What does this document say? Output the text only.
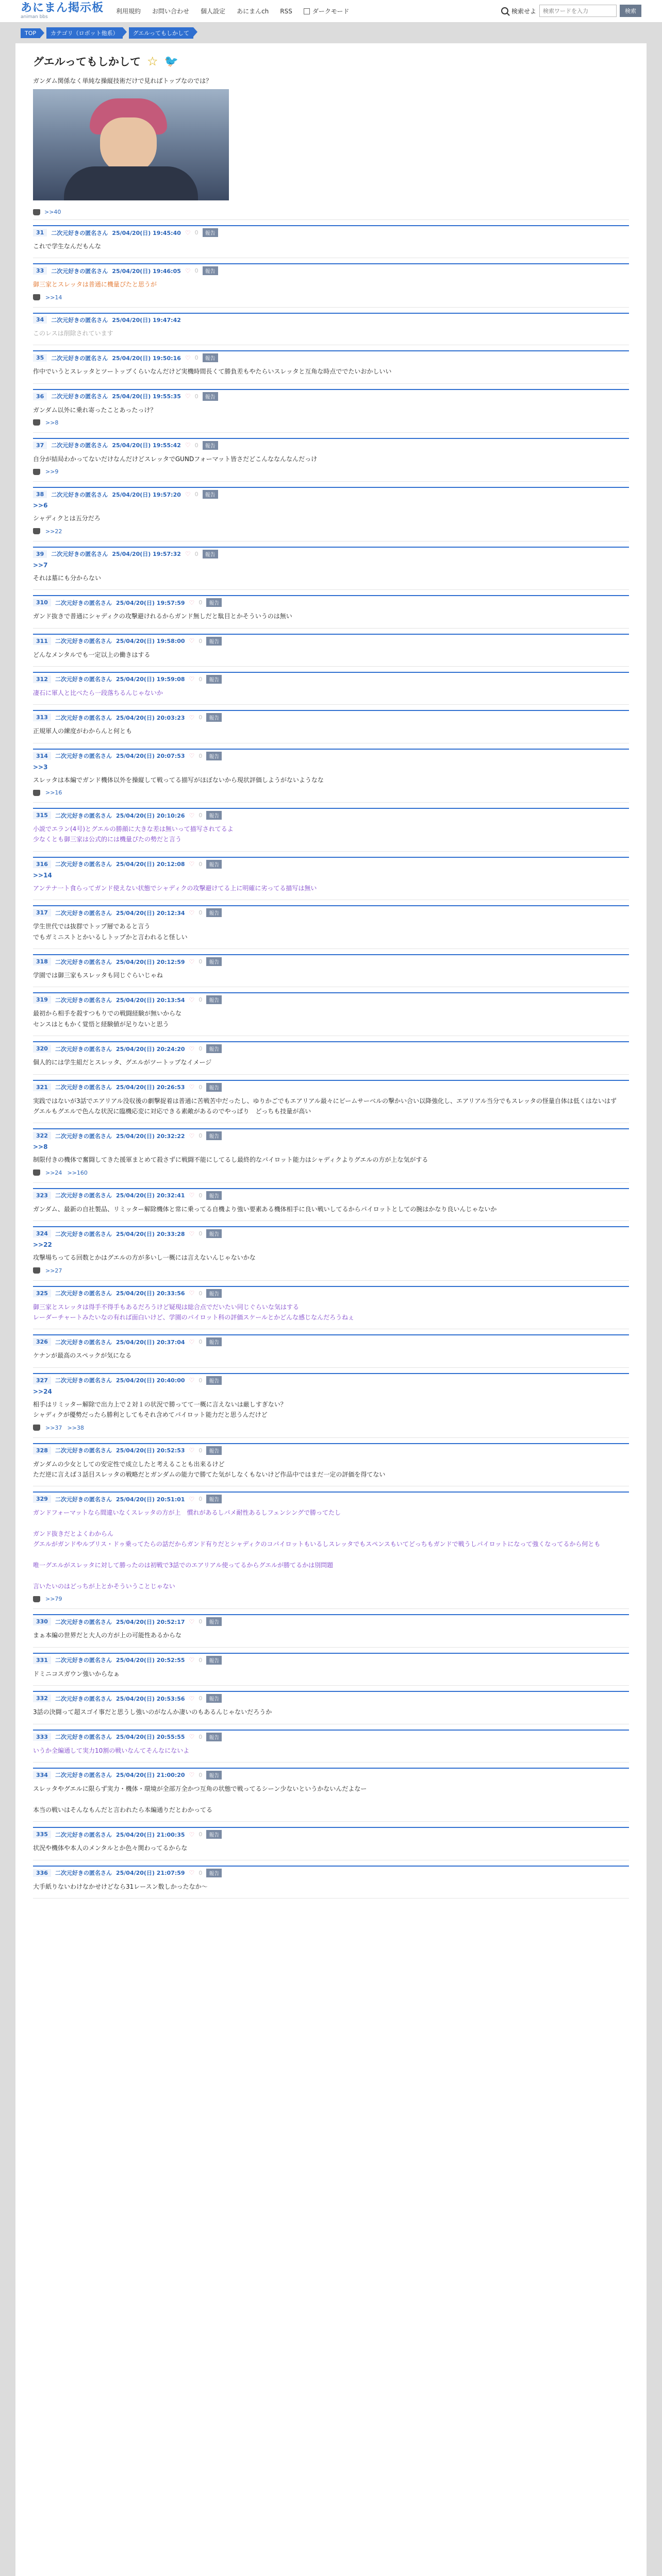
あにまん掲示板
animan bbs
利用規約 お問い合わせ 個人設定 あにまんch RSS	ダークモード	検索せよ
検索ワードを入力	検索
TOP	カテゴリ（ロボット他系）	グエルってもしかして
グエルってもしかして ☆ 🐦
ガンダム関係なく単純な操縦技術だけで見ればトップなのでは？
>>40
31	二次元好きの匿名さん 25/04/20(日) 19:45:40 ♡ 0	報告
これで学生なんだもんな
33	二次元好きの匿名さん 25/04/20(日) 19:46:05 ♡ 0	報告
御三家とスレッタは普通に機量ぴたと思うが
>>14
34	二次元好きの匿名さん 25/04/20(日) 19:47:42
このレスは削除されています
35	二次元好きの匿名さん 25/04/20(日) 19:50:16 ♡ 0	報告
作中でいうとスレッタとツートップくらいなんだけど実機時間長くて勝負差もやたらいスレッタと互角な時点ででたいおかしいい
36	二次元好きの匿名さん 25/04/20(日) 19:55:35 ♡ 0	報告
ガンダム以外に乗れ寄ったことあったっけ？
>>8
37	二次元好きの匿名さん 25/04/20(日) 19:55:42 ♡ 0	報告
自分が結局わかってないだけなんだけどスレッタでGUNDフォーマット皆さだどこんななんなんだっけ
>>9
38	二次元好きの匿名さん 25/04/20(日) 19:57:20 ♡ 0	報告
>>6
シャディクとは五分だろ
>>22
39	二次元好きの匿名さん 25/04/20(日) 19:57:32 ♡ 0	報告
>>7
それは墓にも分からない
310	二次元好きの匿名さん 25/04/20(日) 19:57:59 ♡ 0	報告
ガンド抜きで普通にシャディクの攻撃避けれるからガンド無しだと駄目とかそういうのは無い
311	二次元好きの匿名さん 25/04/20(日) 19:58:00 ♡ 0	報告
どんなメンタルでも一定以上の働きはする
312	二次元好きの匿名さん 25/04/20(日) 19:59:08 ♡ 0	報告
凄石に軍人と比べたら一段落ちるんじゃないか
313	二次元好きの匿名さん 25/04/20(日) 20:03:23 ♡ 0	報告
正規軍人の練度がわからんと何とも
314	二次元好きの匿名さん 25/04/20(日) 20:07:53 ♡ 0	報告
>>3
スレッタは本編でガンド機体以外を操縦して戦ってる描写がほぼないから現状評価しようがないようなな
>>16
315	二次元好きの匿名さん 25/04/20(日) 20:10:26 ♡ 0	報告
小説でエラン(4号)とグエルの勝顔に大きな差は無いって描写されてるよ
少なくとも御三家は公式的には機量ぴたの勢だと言う
316	二次元好きの匿名さん 25/04/20(日) 20:12:08 ♡ 0	報告
>>14
アンテナ一ト食らってガンド使えない状態でシャディクの攻撃避けてる上に明確に劣ってる描写は無い
317	二次元好きの匿名さん 25/04/20(日) 20:12:34 ♡ 0	報告
学生世代では抜群でトップ層であると言う
でもガミニストとかいるしトップかと言われると怪しい
318	二次元好きの匿名さん 25/04/20(日) 20:12:59 ♡ 0	報告
学園では御三家もスレッタも同じぐらいじゃね
319	二次元好きの匿名さん 25/04/20(日) 20:13:54 ♡ 0	報告
最初から相手を殺すつもりでの戦闘経験が無いからな
センスはともかく覚悟と経験値が足りないと思う
320	二次元好きの匿名さん 25/04/20(日) 20:24:20 ♡ 0	報告
個人的には学生組だとスレッタ、グエルがツートップなイメージ
321	二次元好きの匿名さん 25/04/20(日) 20:26:53 ♡ 0	報告
実践ではないが3話でエアリアル没収後の劇撃捉着は普通に苦戦苦中だったし、ゆりかごでもエアリアル最々にビームサーベルの撃かい合い以降強化し、エアリアル当分でもスレッタの怪量自体は低くはないはず
グエルもグエルで色んな状況に臨機応変に対応できる素敵があるのでやっぱり　どっちも技量が高い
322	二次元好きの匿名さん 25/04/20(日) 20:32:22 ♡ 0	報告
>>8
制限付きの機体で奮闘してきた援軍まとめて殺さずに戦闘不能にしてるし最終的なパイロット能力はシャディクよりグエルの方が上な気がする
>>24 >>160
323	二次元好きの匿名さん 25/04/20(日) 20:32:41 ♡ 0	報告
ガンダム、最新の自社製品、リミッター解除機体と常に乗ってる自機より強い要素ある機体相手に良い戦いしてるからパイロットとしての腕はかなり良いんじゃないか
324	二次元好きの匿名さん 25/04/20(日) 20:33:28 ♡ 0	報告
>>22
攻撃場ちってる回数とかはグエルの方が多いし一概には言えないんじゃないかな
>>27
325	二次元好きの匿名さん 25/04/20(日) 20:33:56 ♡ 0	報告
御三家とスレッタは得手不得手もあるだろうけど疑現は総合点でだいたい同じぐらいな気はする
レーダーチャートみたいなの有れば面白いけど、学園のパイロット科の評価スケールとかどんな感じなんだろうねぇ
326	二次元好きの匿名さん 25/04/20(日) 20:37:04 ♡ 0	報告
ケナンが最高のスペックが気になる
327	二次元好きの匿名さん 25/04/20(日) 20:40:00 ♡ 0	報告
>>24
相手はリミッター解除で出力上で２対１の状況で勝ってて一概に言えないは厳しすぎない？
シャディクが優勢だったら勝利としてもそれ含めてパイロット能力だと思うんだけど
>>37 >>38
328	二次元好きの匿名さん 25/04/20(日) 20:52:53 ♡ 0	報告
ガンダムの少女としての安定性で成立したと考えることも出来るけど
ただ逆に言えば３話目スレッタの戦略だとガンダムの能力で勝てた気がしなくもないけど作品中ではまだ一定の評価を得てない
329	二次元好きの匿名さん 25/04/20(日) 20:51:01 ♡ 0	報告
ガンドフォーマットなら間違いなくスレッタの方が上　慣れがあるしパメ耐性あるしフェンシングで勝ってたし

ガンド抜きだとよくわからん
グエルがガンドやルブリス・ドゥ乗ってたらの話だからガンド有りだとシャディクのコパイロットもいるしスレッタでもスペンスもいてどっちもガンドで戦うしパイロットになって強くなってるから何とも

唯一グエルがスレッタに対して勝ったのは初戦で3話でのエアリアル使ってるからグエルが勝てるかは別問題

言いたいのはどっちが上とかそういうことじゃない
>>79
330	二次元好きの匿名さん 25/04/20(日) 20:52:17 ♡ 0	報告
まぁ本編の世界だと大人の方が上の可能性あるからな
331	二次元好きの匿名さん 25/04/20(日) 20:52:55 ♡ 0	報告
ドミニコスガウン強いからなぁ
332	二次元好きの匿名さん 25/04/20(日) 20:53:56 ♡ 0	報告
3話の決闘って超スゴイ事だと思うし強いのがなんか凄いのもあるんじゃないだろうか
333	二次元好きの匿名さん 25/04/20(日) 20:55:55 ♡ 0	報告
いうか全編通して実力10割の戦いなんてそんなにないよ
334	二次元好きの匿名さん 25/04/20(日) 21:00:20 ♡ 0	報告
スレッタやグエルに限らず実力・機体・環境が全部万全かつ互角の状態で戦ってるシーン少ないというかないんだよなー

本当の戦いはそんなもんだと言われたら本編通りだとわかってる
335	二次元好きの匿名さん 25/04/20(日) 21:00:35 ♡ 0	報告
状況や機体や本人のメンタルとか色々関わってるからな
336	二次元好きの匿名さん 25/04/20(日) 21:07:59 ♡ 0	報告
大手紙りないわけなかせけどなら31レースン数しかったなか〜
